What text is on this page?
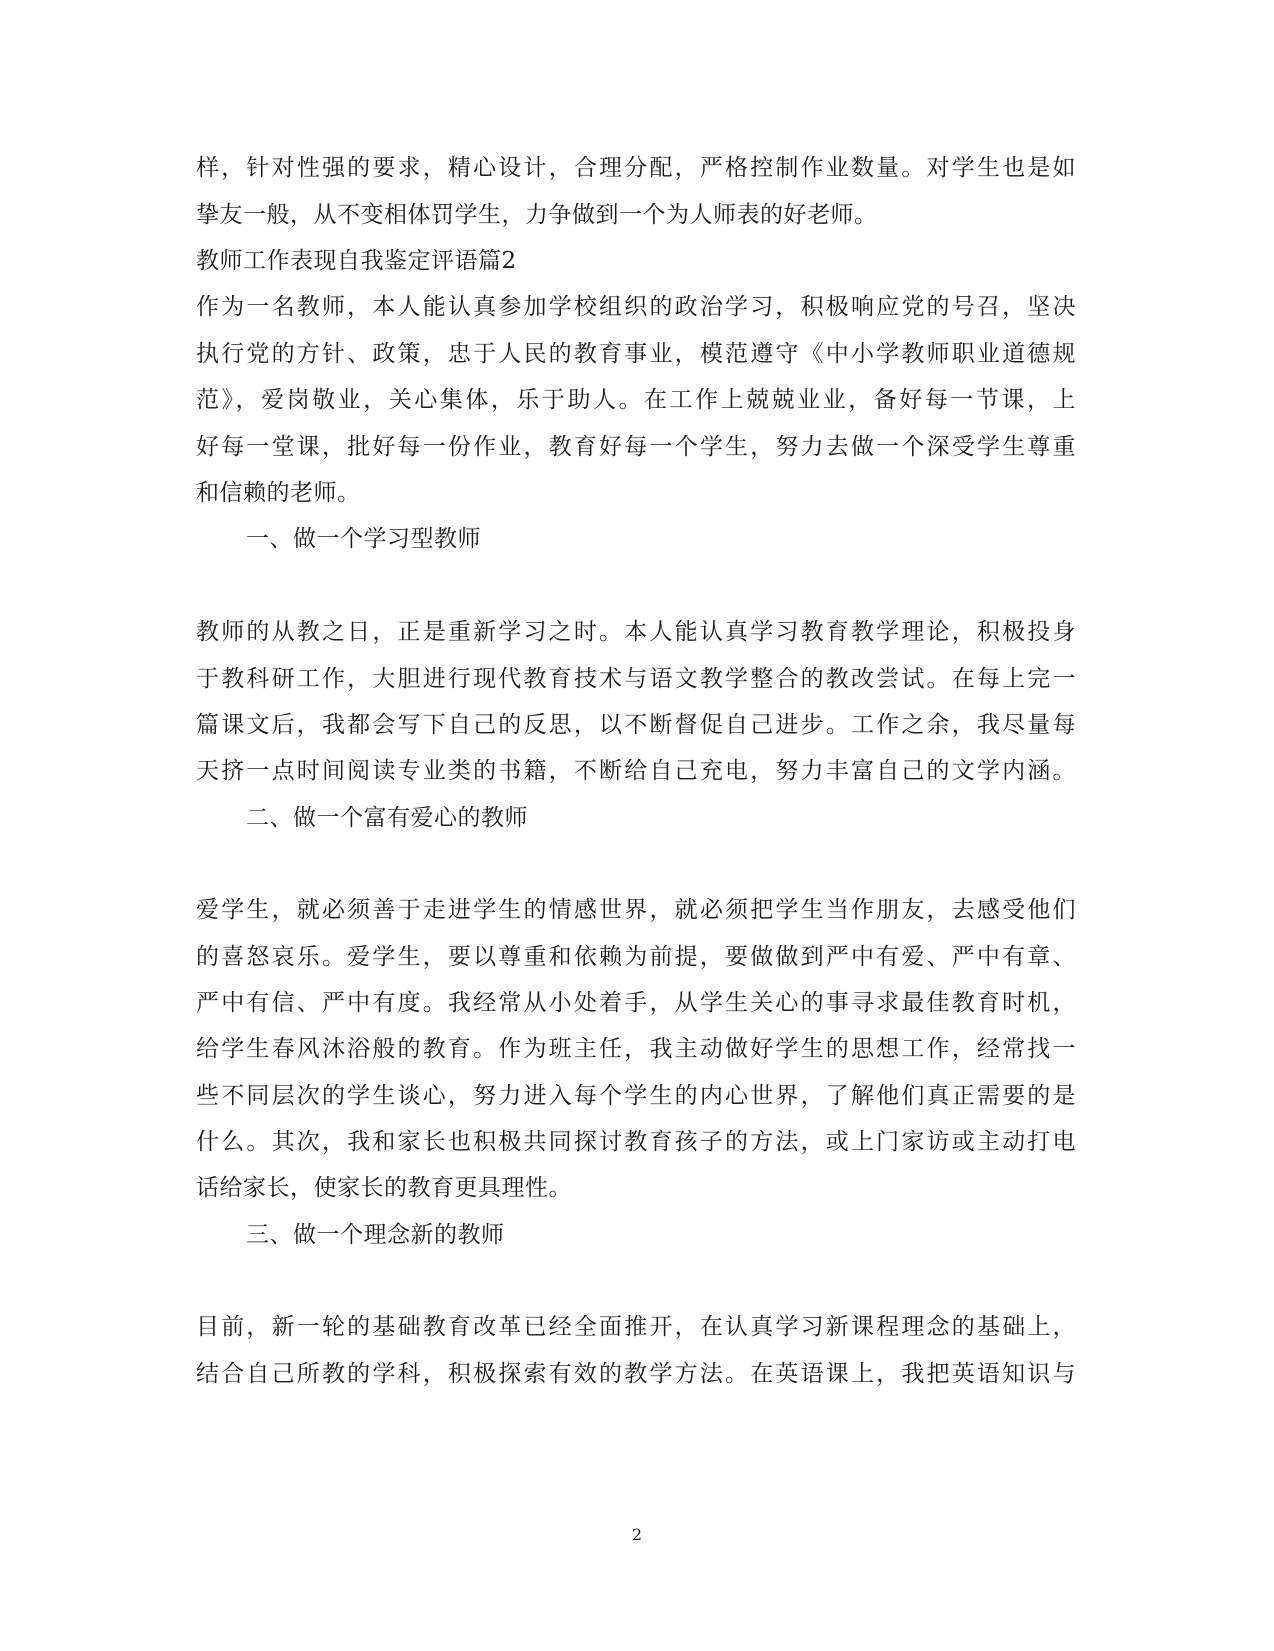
样，针对性强的要求，精心设计，合理分配，严格控制作业数量。对学生也是如
挚友一般，从不变相体罚学生，力争做到一个为人师表的好老师。
教师工作表现自我鉴定评语篇2
作为一名教师，本人能认真参加学校组织的政治学习，积极响应党的号召，坚决
执行党的方针、政策，忠于人民的教育事业，模范遵守《中小学教师职业道德规
范》，爱岗敬业，关心集体，乐于助人。在工作上兢兢业业，备好每一节课，上
好每一堂课，批好每一份作业，教育好每一个学生，努力去做一个深受学生尊重
和信赖的老师。
一、做一个学习型教师
教师的从教之日，正是重新学习之时。本人能认真学习教育教学理论，积极投身
于教科研工作，大胆进行现代教育技术与语文教学整合的教改尝试。在每上完一
篇课文后，我都会写下自己的反思，以不断督促自己进步。工作之余，我尽量每
天挤一点时间阅读专业类的书籍，不断给自己充电，努力丰富自己的文学内涵。
二、做一个富有爱心的教师
爱学生，就必须善于走进学生的情感世界，就必须把学生当作朋友，去感受他们
的喜怒哀乐。爱学生，要以尊重和依赖为前提，要做做到严中有爱、严中有章、
严中有信、严中有度。我经常从小处着手，从学生关心的事寻求最佳教育时机，
给学生春风沐浴般的教育。作为班主任，我主动做好学生的思想工作，经常找一
些不同层次的学生谈心，努力进入每个学生的内心世界，了解他们真正需要的是
什么。其次，我和家长也积极共同探讨教育孩子的方法，或上门家访或主动打电
话给家长，使家长的教育更具理性。
三、做一个理念新的教师
目前，新一轮的基础教育改革已经全面推开，在认真学习新课程理念的基础上，
结合自己所教的学科，积极探索有效的教学方法。在英语课上，我把英语知识与
2
